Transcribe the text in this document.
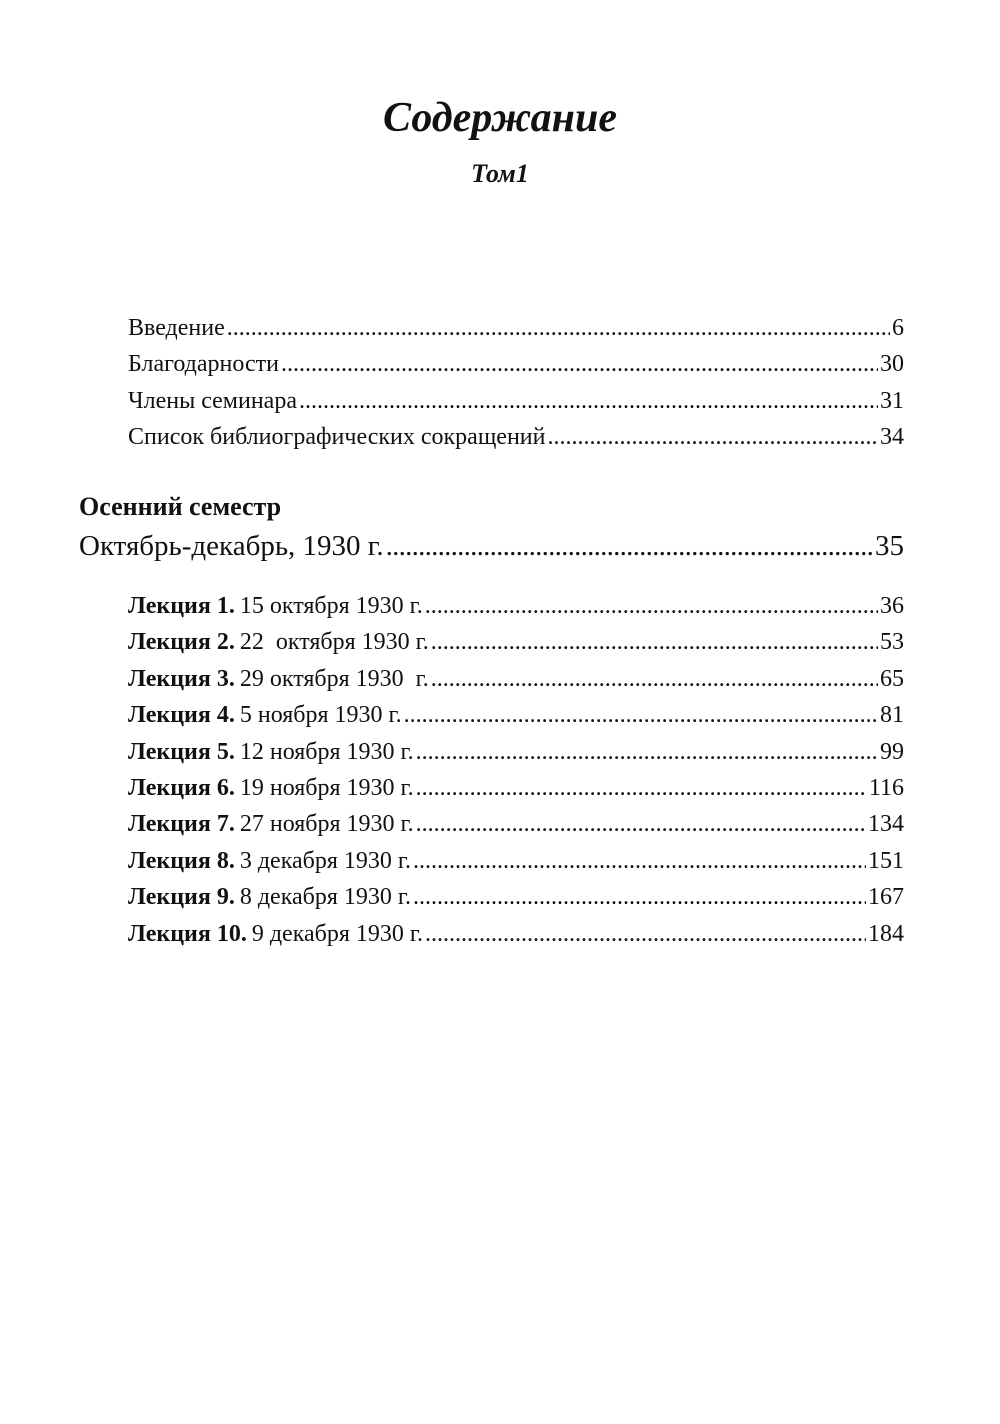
Содержание
Том1
Введение . . .	6
Благодарности . . .	30
Члены семинара . . .	31
Список библиографических сокращений . . .	34
Осенний семестр
Октябрь-декабрь, 1930 г. . . .	35
Лекция 1. 15 октября 1930 г. . . .	36
Лекция 2. 22  октября 1930 г. . . .	53
Лекция 3. 29 октября 1930  г. . . .	65
Лекция 4. 5 ноября 1930 г. . . .	81
Лекция 5. 12 ноября 1930 г. . . .	99
Лекция 6. 19 ноября 1930 г. . . .	116
Лекция 7. 27 ноября 1930 г. . . .	134
Лекция 8. 3 декабря 1930 г. . . .	151
Лекция 9. 8 декабря 1930 г. . . .	167
Лекция 10. 9 декабря 1930 г. . . .	184
